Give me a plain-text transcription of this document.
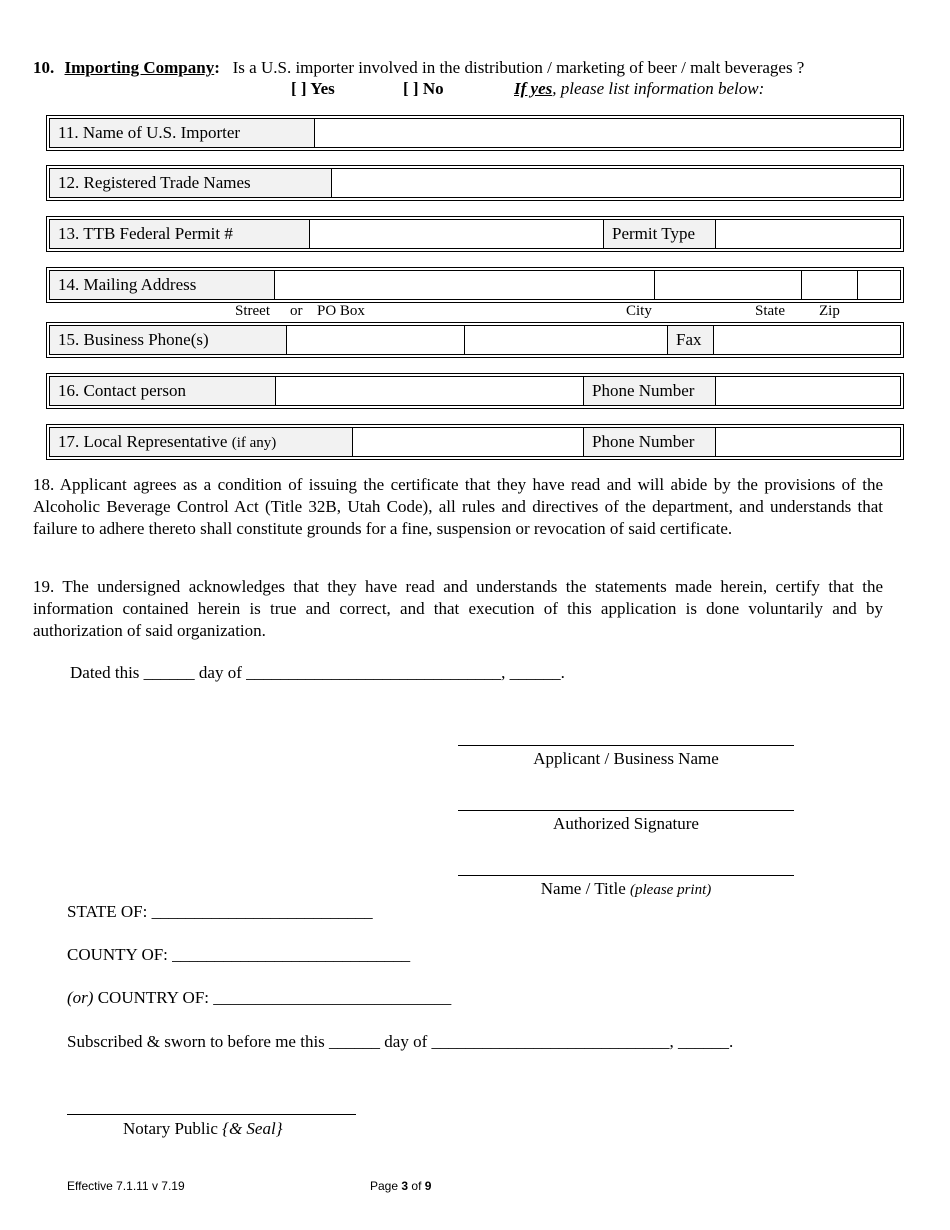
10. Importing Company: Is a U.S. importer involved in the distribution / marketing of beer / malt beverages ?
[ ] Yes	[ ] No	If yes, please list information below:
11. Name of U.S. Importer
12. Registered Trade Names
13. TTB Federal Permit #	Permit Type
14. Mailing Address
Street or PO Box	City	State Zip
15. Business Phone(s)	Fax
16. Contact person	Phone Number
17. Local Representative (if any)	Phone Number
18. Applicant agrees as a condition of issuing the certificate that they have read and will abide by the provisions of the Alcoholic Beverage Control Act (Title 32B, Utah Code), all rules and directives of the department, and understands that failure to adhere thereto shall constitute grounds for a fine, suspension or revocation of said certificate.
19. The undersigned acknowledges that they have read and understands the statements made herein, certify that the information contained herein is true and correct, and that execution of this application is done voluntarily and by authorization of said organization.
Dated this ______ day of ______________________________, ______.
Applicant / Business Name
Authorized Signature
Name / Title (please print)
STATE OF: __________________________
COUNTY OF: ____________________________
(or) COUNTRY OF: ____________________________
Subscribed & sworn to before me this ______ day of ____________________________, ______.
Notary Public {& Seal}
Effective 7.1.11 v 7.19	Page 3 of 9
